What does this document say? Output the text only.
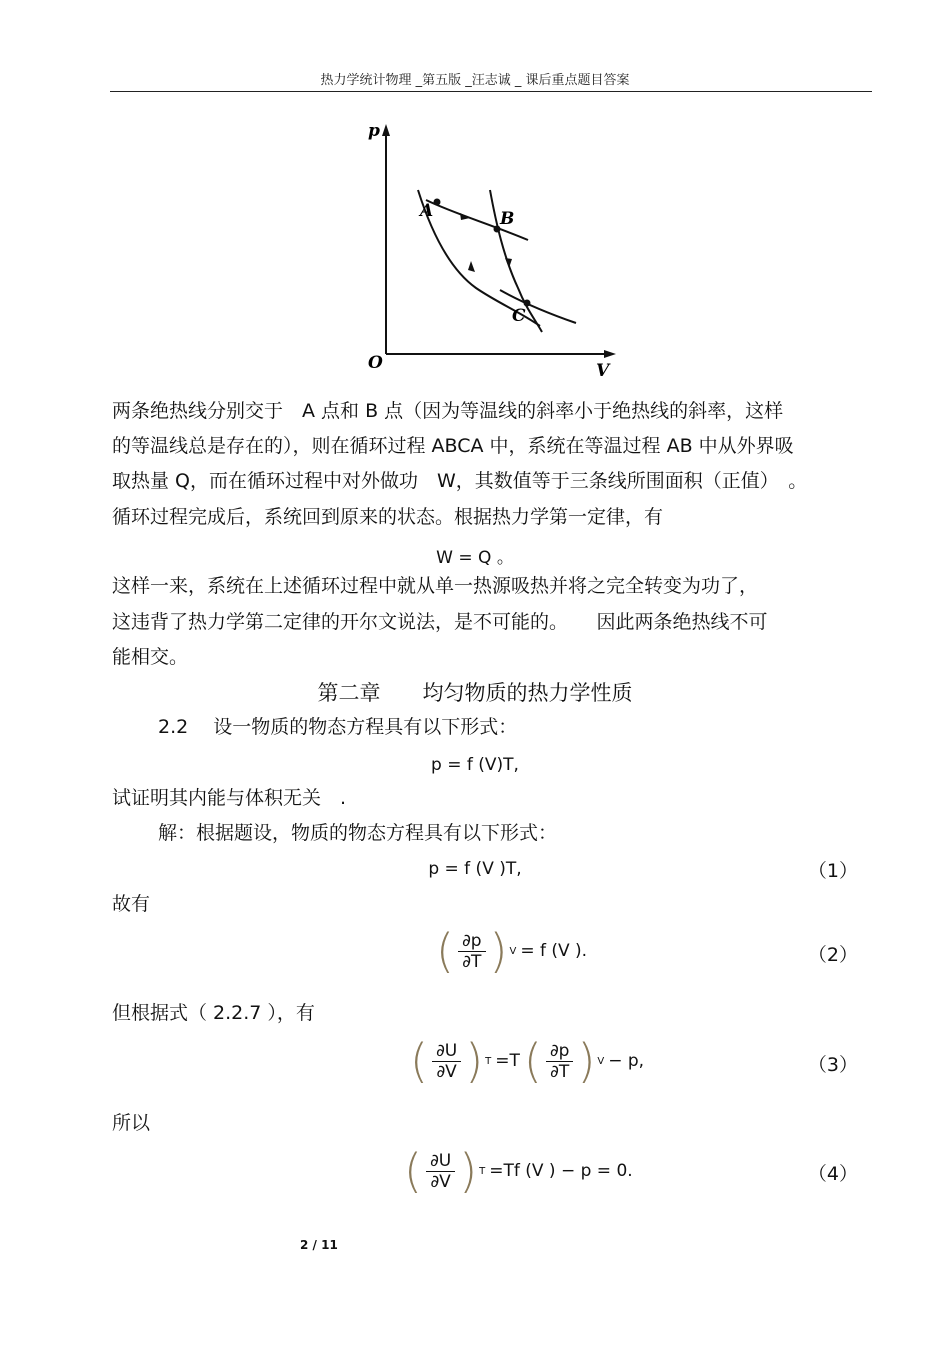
热力学统计物理 _第五版 _汪志诚 _ 课后重点题目答案
p
V
O
A	B
C
两条绝热线分别交于　A 点和 B 点（因为等温线的斜率小于绝热线的斜率，这样
的等温线总是存在的），则在循环过程 ABCA 中，系统在等温过程 AB 中从外界吸
取热量 Q，而在循环过程中对外做功　W，其数值等于三条线所围面积（正值）　。
循环过程完成后，系统回到原来的状态。根据热力学第一定律，有
W = Q 。
这样一来，系统在上述循环过程中就从单一热源吸热并将之完全转变为功了，
这违背了热力学第二定律的开尔文说法，是不可能的。　　因此两条绝热线不可
能相交。
第二章　　均匀物质的热力学性质
2.2　 设一物质的物态方程具有以下形式：
p = f (V)T,
试证明其内能与体积无关　.
解：根据题设，物质的物态方程具有以下形式：
p = f (V )T,	（1）
故有
( $\frac{\partial p}{\partial T}$ ) V = f (V ).	（2）
但根据式（ 2.2.7 ），有
( $\frac{\partial U}{\partial V}$ ) T =T ( $\frac{\partial p}{\partial T}$ ) V − p,	（3）
所以
( $\frac{\partial U}{\partial V}$ ) T =Tf (V ) − p = 0.	（4）
2 / 11
